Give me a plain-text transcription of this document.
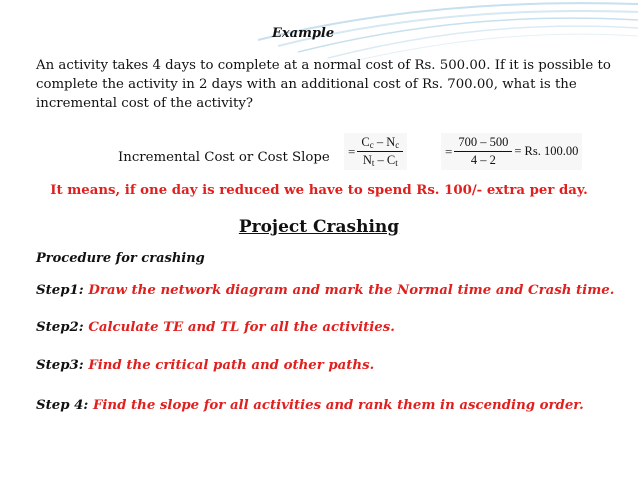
Example
An activity takes 4 days to complete at a normal cost of Rs. 500.00. If it is possible to complete the activity in 2 days with an additional cost of Rs. 700.00, what is the incremental cost of the activity?
Incremental Cost or Cost Slope = $\frac{C_c - N_c}{N_t - C_t}$	= $\frac{700 - 500}{4 - 2} = Rs$. 100.00
It means, if one day is reduced we have to spend Rs. 100/- extra per day.
Project Crashing
Procedure for crashing
Step1: Draw the network diagram and mark the Normal time and Crash time.
Step2: Calculate TE and TL for all the activities.
Step3: Find the critical path and other paths.
Step 4: Find the slope for all activities and rank them in ascending order.
